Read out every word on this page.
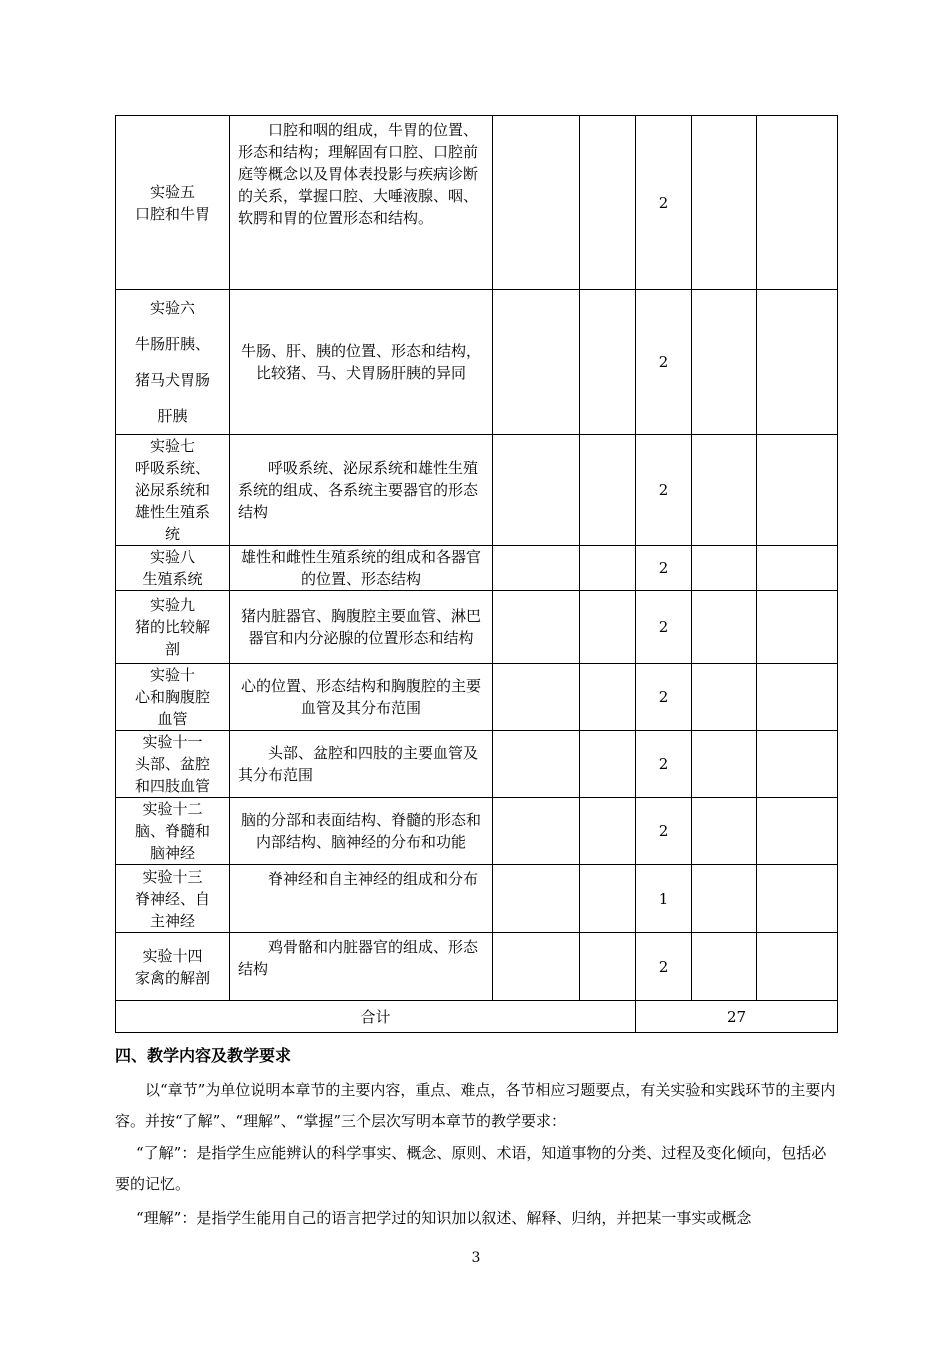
实验五
口腔和牛胃	口腔和咽的组成，牛胃的位置、形态和结构；理解固有口腔、口腔前庭等概念以及胃体表投影与疾病诊断的关系，掌握口腔、大唾液腺、咽、软腭和胃的位置形态和结构。			2		

实验六
牛肠肝胰、
猪马犬胃肠
肝胰	牛肠、肝、胰的位置、形态和结构，比较猪、马、犬胃肠肝胰的异同			2		

实验七
呼吸系统、
泌尿系统和
雄性生殖系
统	呼吸系统、泌尿系统和雄性生殖系统的组成、各系统主要器官的形态结构			2		

实验八
生殖系统	雄性和雌性生殖系统的组成和各器官的位置、形态结构			2		

实验九
猪的比较解
剖	猪内脏器官、胸腹腔主要血管、淋巴器官和内分泌腺的位置形态和结构			2		

实验十
心和胸腹腔
血管	心的位置、形态结构和胸腹腔的主要血管及其分布范围			2		

实验十一
头部、盆腔
和四肢血管	头部、盆腔和四肢的主要血管及其分布范围			2		

实验十二
脑、脊髓和
脑神经	脑的分部和表面结构、脊髓的形态和内部结构、脑神经的分布和功能			2		

实验十三
脊神经、自
主神经	脊神经和自主神经的组成和分布			1		

实验十四
家禽的解剖	鸡骨骼和内脏器官的组成、形态结构			2		
合计				27		
四、教学内容及教学要求
以“章节”为单位说明本章节的主要内容，重点、难点，各节相应习题要点，有关实验和实践环节的主要内容。并按“了解”、“理解”、“掌握”三个层次写明本章节的教学要求：
“了解”：是指学生应能辨认的科学事实、概念、原则、术语，知道事物的分类、过程及变化倾向，包括必要的记忆。
“理解”：是指学生能用自己的语言把学过的知识加以叙述、解释、归纳，并把某一事实或概念
3
